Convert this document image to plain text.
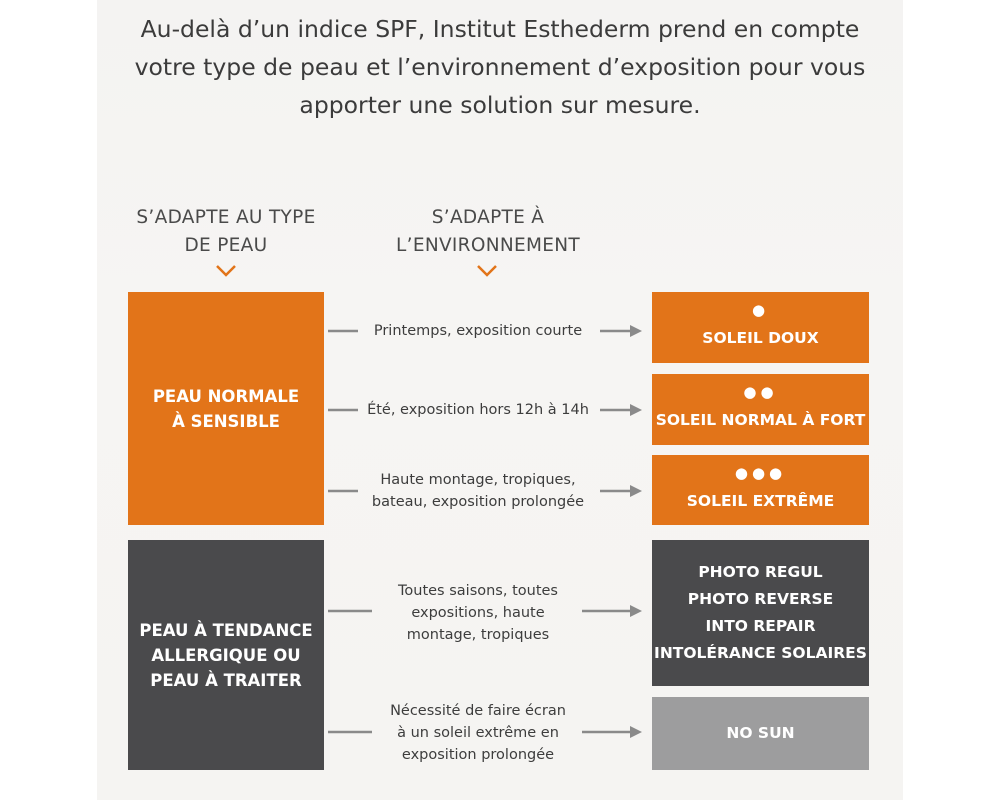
Au-delà d’un indice SPF, Institut Esthederm prend en compte
votre type de peau et l’environnement d’exposition pour vous
apporter une solution sur mesure.
S’ADAPTE AU TYPE
DE PEAU
S’ADAPTE À
L’ENVIRONNEMENT
PEAU NORMALE
À SENSIBLE
PEAU À TENDANCE
ALLERGIQUE OU
PEAU À TRAITER
Printemps, exposition courte
Été, exposition hors 12h à 14h
Haute montage, tropiques,
bateau, exposition prolongée
Toutes saisons, toutes
expositions, haute
montage, tropiques
Nécessité de faire écran
à un soleil extrême en
exposition prolongée
●
SOLEIL DOUX
●●
SOLEIL NORMAL À FORT
●●●
SOLEIL EXTRÊME
PHOTO REGUL
PHOTO REVERSE
INTO REPAIR
INTOLÉRANCE SOLAIRES
NO SUN
